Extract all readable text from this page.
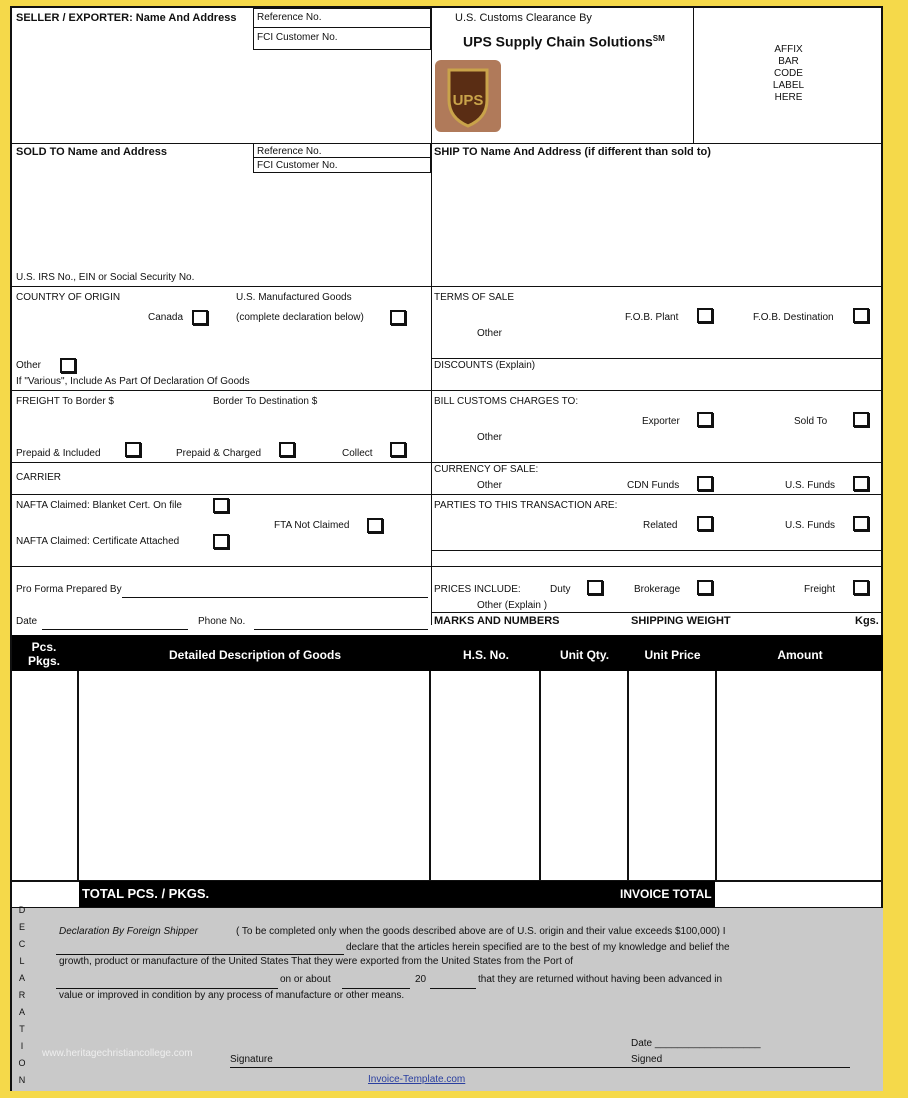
SELLER / EXPORTER: Name And Address Reference No.
FCI Customer No.
U.S. Customs Clearance By
UPS Supply Chain Solutions℠
UPS
AFFIX
BAR
CODE
LABEL
HERE
SOLD TO Name and Address	Reference No.
FCI Customer No.
U.S. IRS No., EIN or Social Security No.
SHIP TO Name And Address (if different than sold to)
COUNTRY OF ORIGIN	U.S. Manufactured Goods
Canada	(complete declaration below)
Other
If "Various", Include As Part Of Declaration Of Goods
TERMS OF SALE
F.O.B. Plant	F.O.B. Destination
Other
DISCOUNTS (Explain)
FREIGHT To Border $	Border To Destination $
Prepaid & Included	Prepaid & Charged	Collect
BILL CUSTOMS CHARGES TO:
Exporter	Sold To
Other
CARRIER
CURRENCY OF SALE:
Other	CDN Funds	U.S. Funds
NAFTA Claimed: Blanket Cert. On file
FTA Not Claimed
NAFTA Claimed: Certificate Attached
PARTIES TO THIS TRANSACTION ARE:
Related	U.S. Funds
Pro Forma Prepared By
Date	Phone No.
PRICES INCLUDE:	Duty	Brokerage	Freight
Other (Explain )
MARKS AND NUMBERS	SHIPPING WEIGHT	Kgs.
Pcs.
Pkgs.	Detailed Description of Goods	H.S. No.	Unit Qty.	Unit Price	Amount
TOTAL PCS. / PKGS.	INVOICE TOTAL
D
E
C
L
A
R
A
T
I
O
N
Declaration By Foreign Shipper	( To be completed only when the goods described above are of U.S. origin and their value exceeds $100,000) I
declare that the articles herein specified are to the best of my knowledge and belief the
growth, product or manufacture of the United States That they were exported from the United States from the Port of
on or about	20	that they are returned without having been advanced in
value or improved in condition by any process of manufacture or other means.
Date ___________________
Signed
www.heritagechristiancollege.com
Signature
Invoice-Template.com
